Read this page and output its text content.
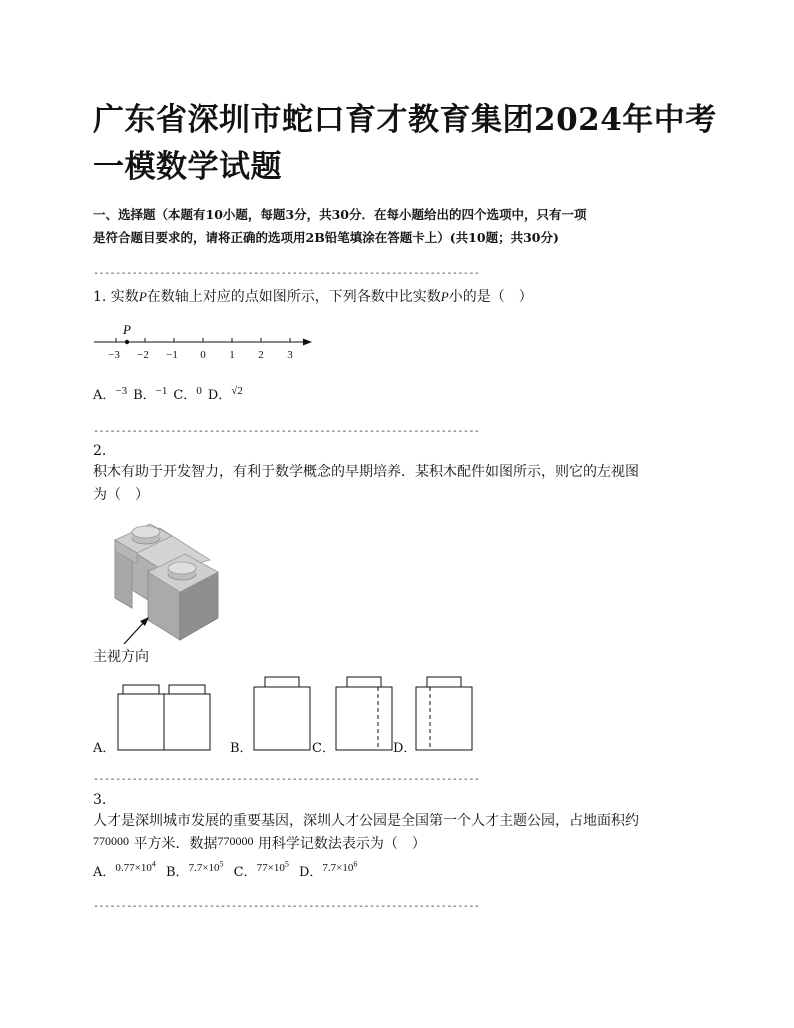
广东省深圳市蛇口育才教育集团2024年中考
一模数学试题
一、选择题（本题有10小题，每题3分，共30分．在每小题给出的四个选项中，只有一项
是符合题目要求的，请将正确的选项用2B铅笔填涂在答题卡上）(共10题；共30分)
----------------------------------------------------------------------
1. 实数P在数轴上对应的点如图所示，下列各数中比实数P小的是（　）
P
−3 −2 −1 0 1 2 3
A．$^{-3}$ B．$^{-1}$ C．$^0$ D．$^{√2}$
----------------------------------------------------------------------
2.
积木有助于开发智力，有利于数学概念的早期培养．某积木配件如图所示，则它的左视图
为（　）
主视方向
A．	B．	C．	D．
----------------------------------------------------------------------
3.
人才是深圳城市发展的重要基因，深圳人才公园是全国第一个人才主题公园，占地面积约
770000 平方米．数据770000 用科学记数法表示为（　）
A．$^{0.77\times 10^4}$ B．$^{7.7\times 10^5}$ C．$^{77\times 10^5}$ D．$^{7.7\times 10^6}$
----------------------------------------------------------------------
